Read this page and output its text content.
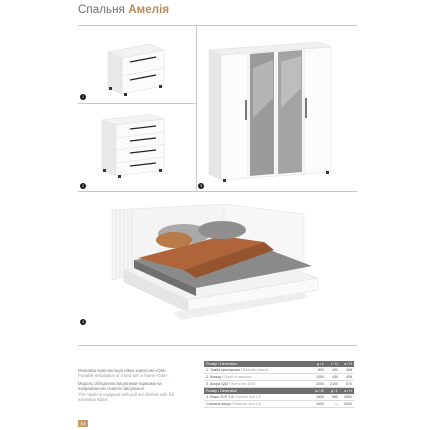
Спальня Амелія
1
2	3
4

Можлива комплектація ліжка каркасом «ОМ».
Possible installation of a bed with a frame «OM».

Модель обладнана висувними ящиками на направляючих повного висування.
The model is equipped with pull out shelves with full extension slides.

Розмір / Dimension	д / L	г / D	в / H
1. Тумба приліжкова / Bedside cabinet	500	450	408
2. Комод / Chest of drawers	1050	450	408
3. Шафа 4ДЗ / Wardrobe 4DM	2000	2100	570
Розмір / Dimension	ш / W	д / L	в / H
4. Ліжко 2СП 1.6 / Double bed 1.6	1800	980	2060
Спальне місце / Mattress size 1.6	1600	—	2000
14
